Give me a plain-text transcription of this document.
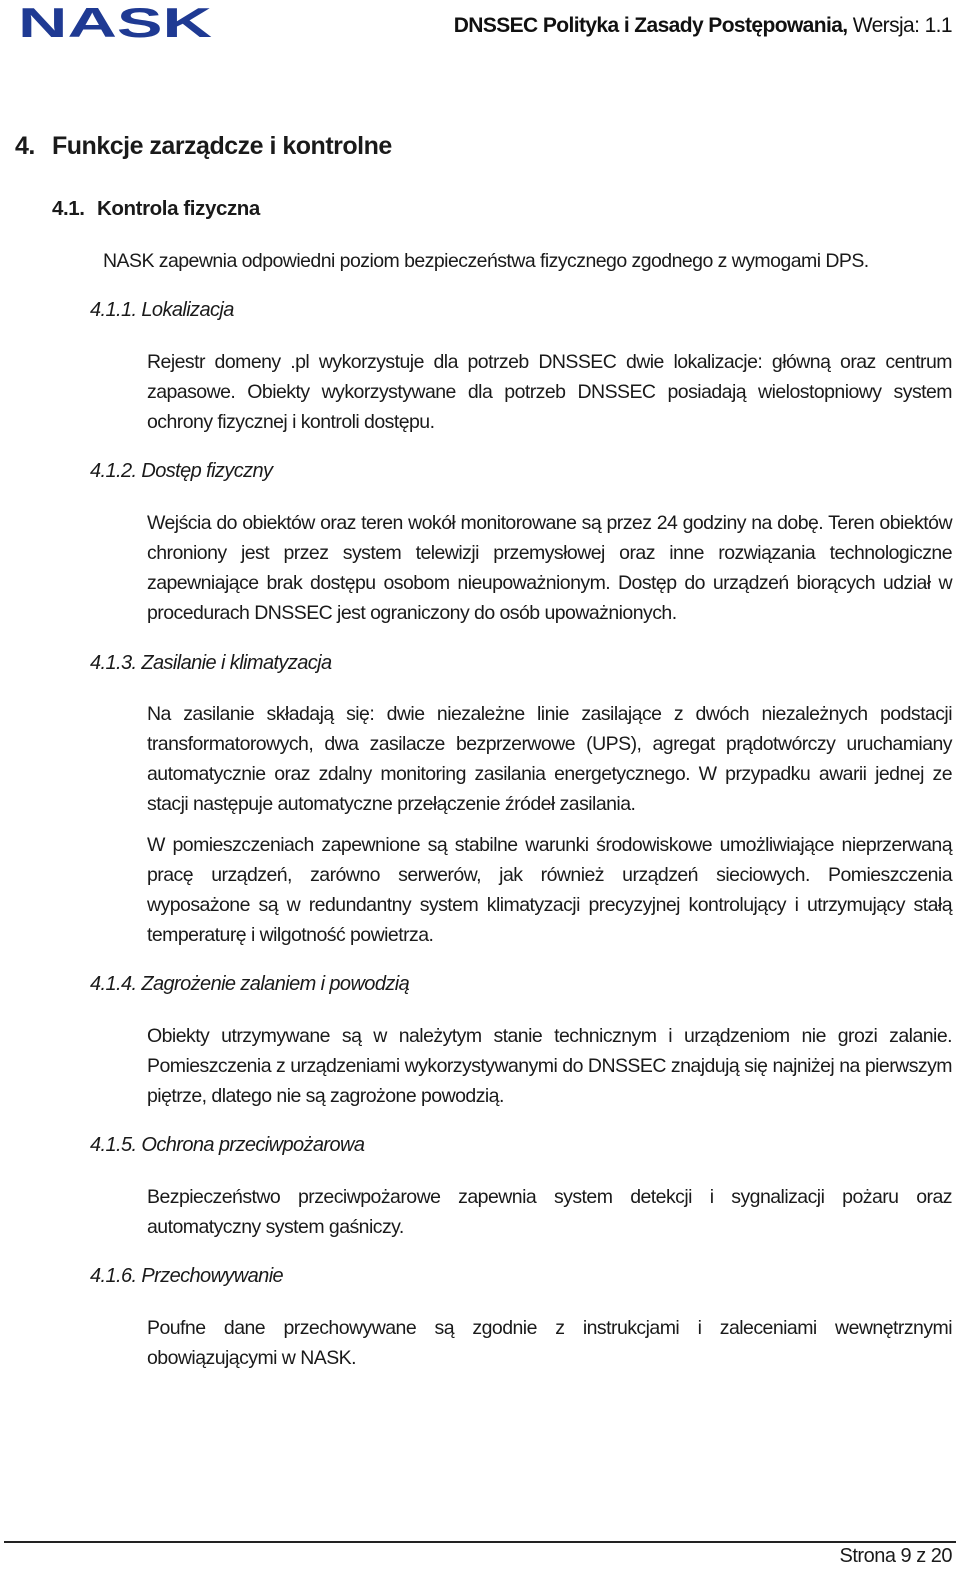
NASK	DNSSEC Polityka i Zasady Postępowania, Wersja: 1.1
4. Funkcje zarządcze i kontrolne
4.1. Kontrola fizyczna

NASK zapewnia odpowiedni poziom bezpieczeństwa fizycznego zgodnego z wymogami DPS.

4.1.1. Lokalizacja

Rejestr domeny .pl wykorzystuje dla potrzeb DNSSEC dwie lokalizacje: główną oraz centrum zapasowe. Obiekty wykorzystywane dla potrzeb DNSSEC posiadają wielostopniowy system ochrony fizycznej i kontroli dostępu.

4.1.2. Dostęp fizyczny

Wejścia do obiektów oraz teren wokół monitorowane są przez 24 godziny na dobę. Teren obiektów chroniony jest przez system telewizji przemysłowej oraz inne rozwiązania technologiczne zapewniające brak dostępu osobom nieupoważnionym. Dostęp do urządzeń biorących udział w procedurach DNSSEC jest ograniczony do osób upoważnionych.

4.1.3. Zasilanie i klimatyzacja

Na zasilanie składają się: dwie niezależne linie zasilające z dwóch niezależnych podstacji transformatorowych, dwa zasilacze bezprzerwowe (UPS), agregat prądotwórczy uruchamiany automatycznie oraz zdalny monitoring zasilania energetycznego. W przypadku awarii jednej ze stacji następuje automatyczne przełączenie źródeł zasilania.

W pomieszczeniach zapewnione są stabilne warunki środowiskowe umożliwiające nieprzerwaną pracę urządzeń, zarówno serwerów, jak również urządzeń sieciowych. Pomieszczenia wyposażone są w redundantny system klimatyzacji precyzyjnej kontrolujący i utrzymujący stałą temperaturę i wilgotność powietrza.

4.1.4. Zagrożenie zalaniem i powodzią

Obiekty utrzymywane są w należytym stanie technicznym i urządzeniom nie grozi zalanie. Pomieszczenia z urządzeniami wykorzystywanymi do DNSSEC znajdują się najniżej na pierwszym piętrze, dlatego nie są zagrożone powodzią.

4.1.5. Ochrona przeciwpożarowa

Bezpieczeństwo przeciwpożarowe zapewnia system detekcji i sygnalizacji pożaru oraz automatyczny system gaśniczy.

4.1.6. Przechowywanie

Poufne dane przechowywane są zgodnie z instrukcjami i zaleceniami wewnętrznymi obowiązującymi w NASK.

Strona 9 z 20
